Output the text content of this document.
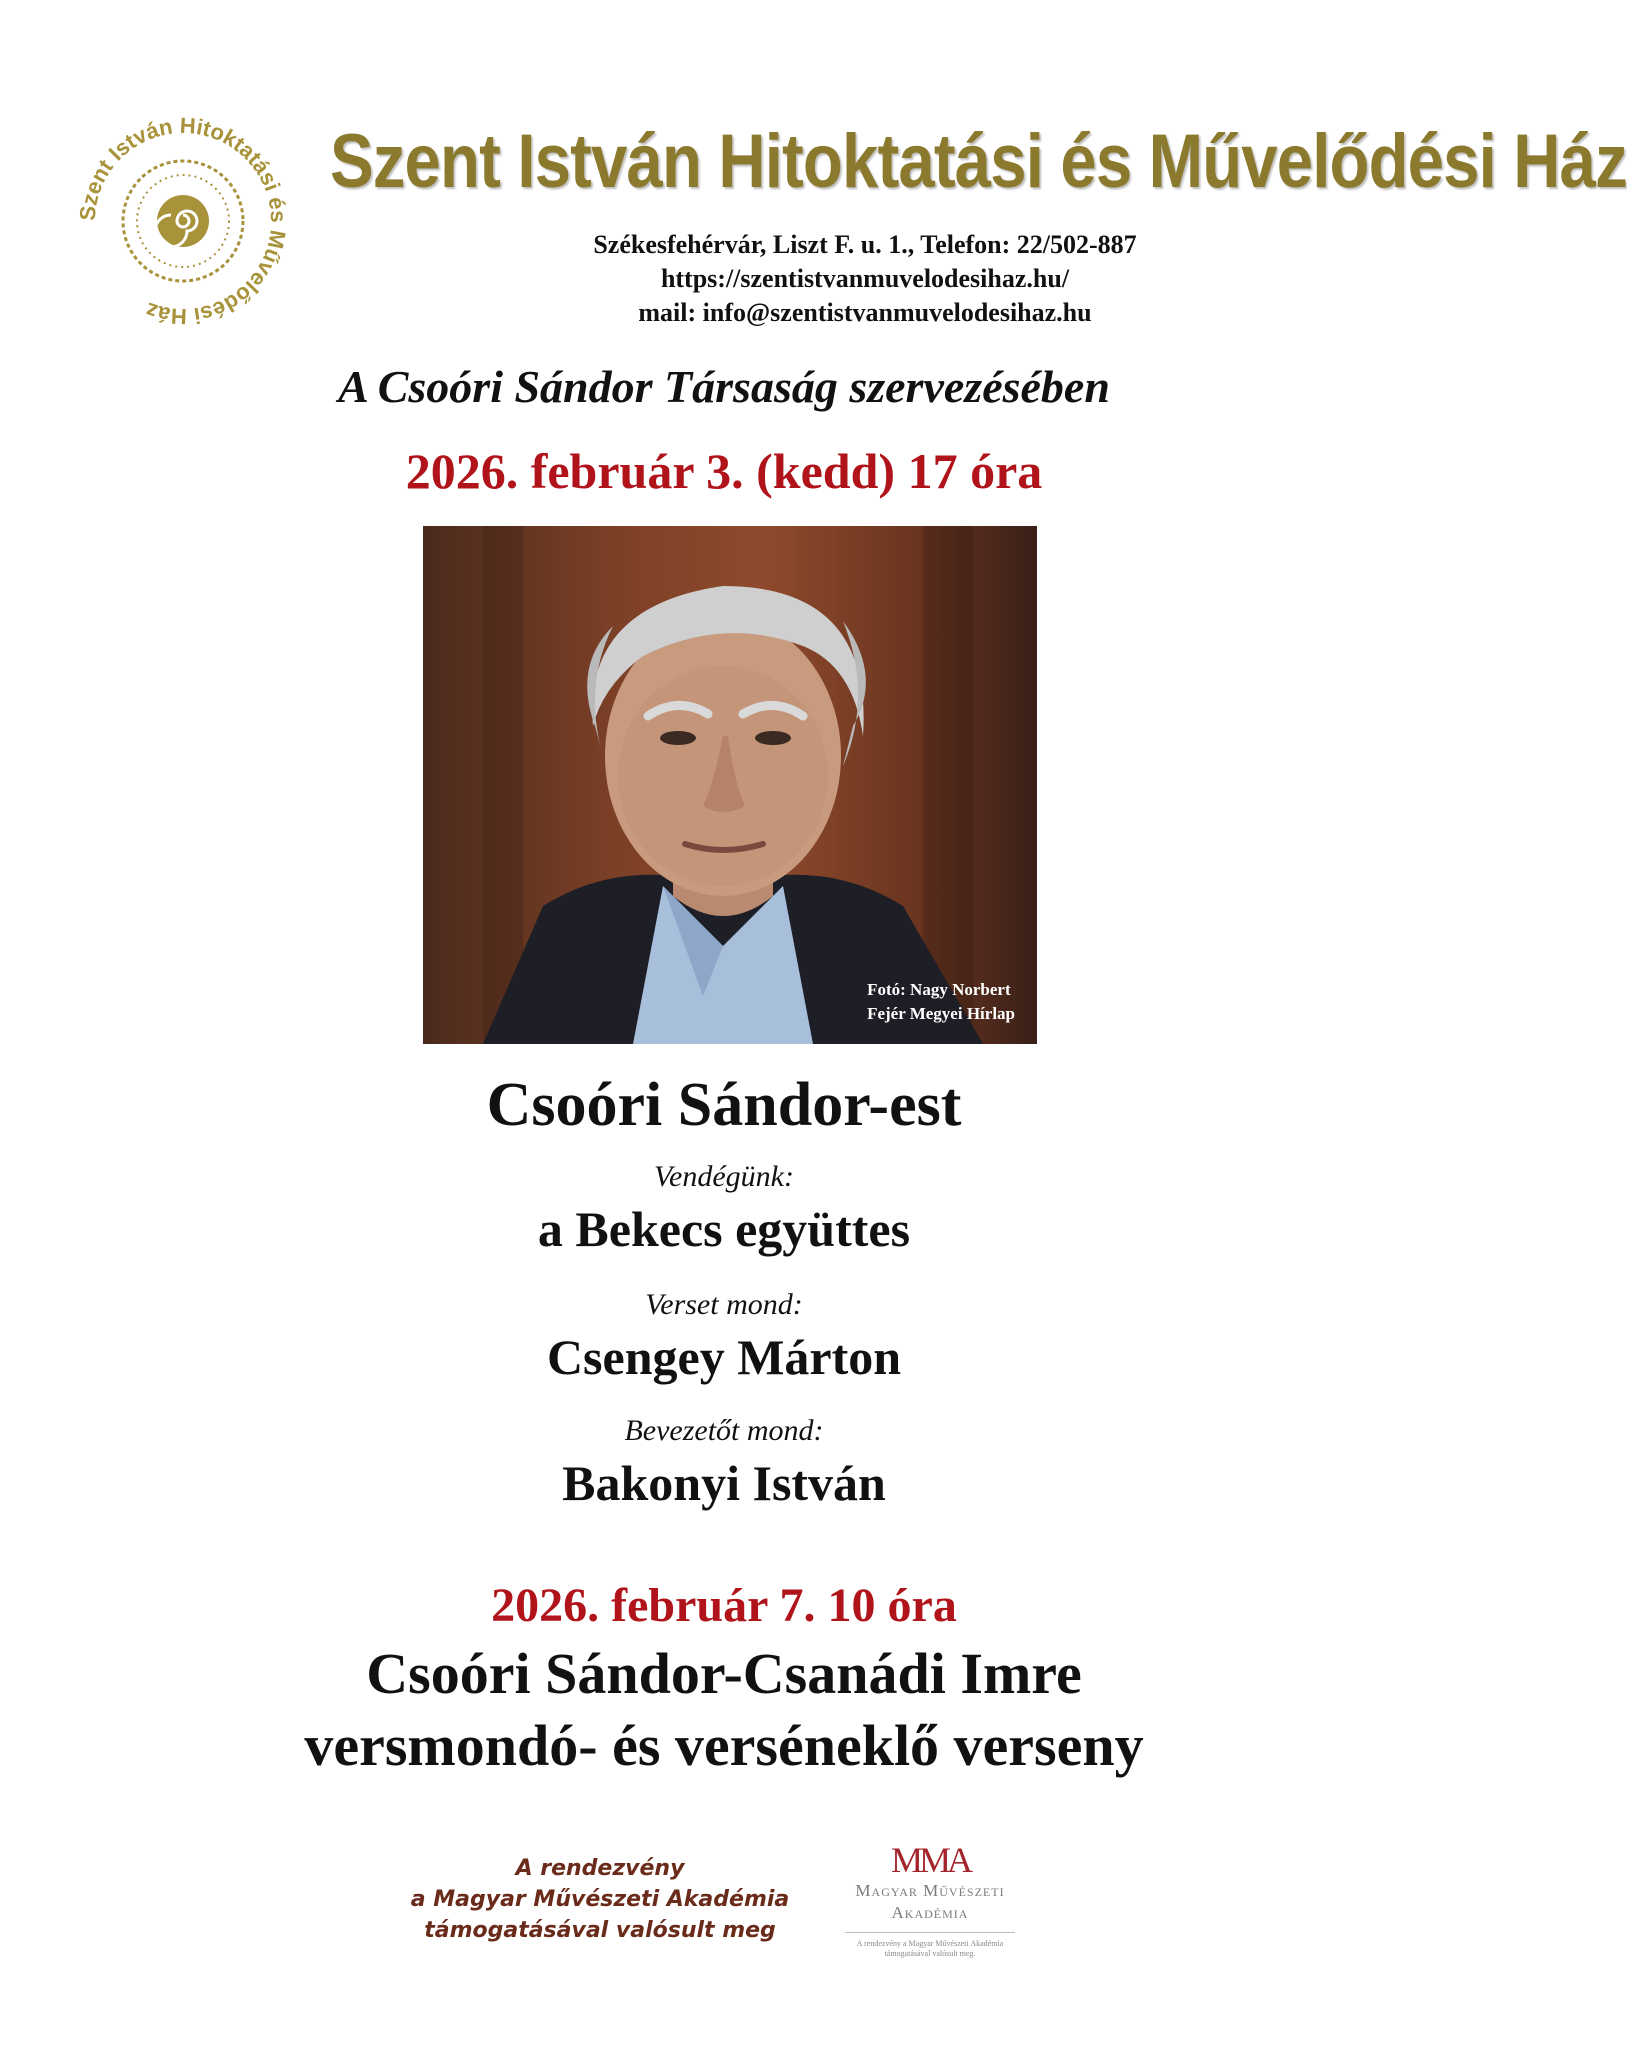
Szent István Hitoktatási és Művelődési Ház
Szent István Hitoktatási és Művelődési Ház
Székesfehérvár, Liszt F. u. 1., Telefon: 22/502-887
https://szentistvanmuvelodesihaz.hu/
mail: info@szentistvanmuvelodesihaz.hu
A Csoóri Sándor Társaság szervezésében
2026. február 3. (kedd) 17 óra
Fotó: Nagy Norbert
Fejér Megyei Hírlap
Csoóri Sándor-est
Vendégünk:
a Bekecs együttes
Verset mond:
Csengey Márton
Bevezetőt mond:
Bakonyi István
2026. február 7. 10 óra
Csoóri Sándor-Csanádi Imre
versmondó- és verséneklő verseny
A rendezvény
a Magyar Művészeti Akadémia
támogatásával valósult meg
MMA
Magyar Művészeti
Akadémia
A rendezvény a Magyar Művészeti Akadémia
támogatásával valósult meg.
